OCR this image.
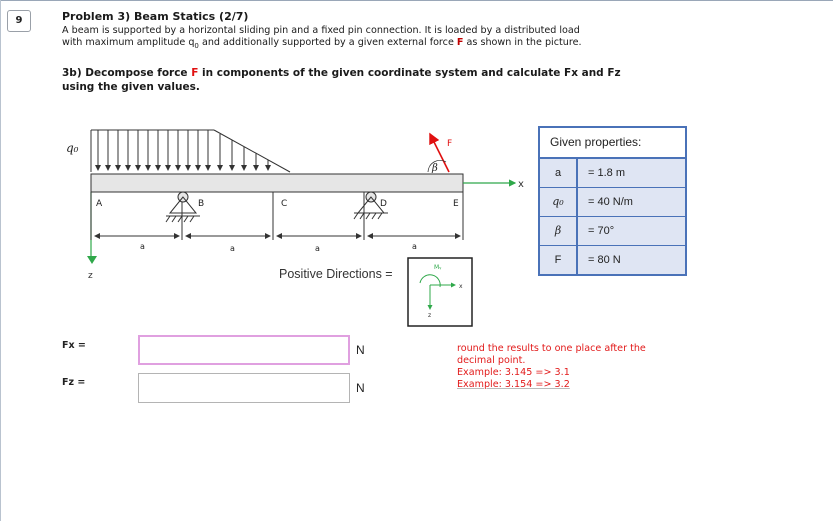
9	Problem 3) Beam Statics (2/7)
A beam is supported by a horizontal sliding pin and a fixed pin connection. It is loaded by a distributed load
with maximum amplitude $q_0$ and additionally supported by a given external force F as shown in the picture.
3b) Decompose force F in components of the given coordinate system and calculate Fx and Fz
using the given values.
q₀
x
A	B	C	D	E
F
β
a	a	a	a
z	Positive Directions =	Mᵧ
x
z
Given properties:
a	= 1.8 m
q₀	= 40 N/m
β	= 70°
F	= 80 N
Fx =	N
Fz =	N
round the results to one place after the
decimal point.
Example: 3.145 => 3.1
Example: 3.154 => 3.2
